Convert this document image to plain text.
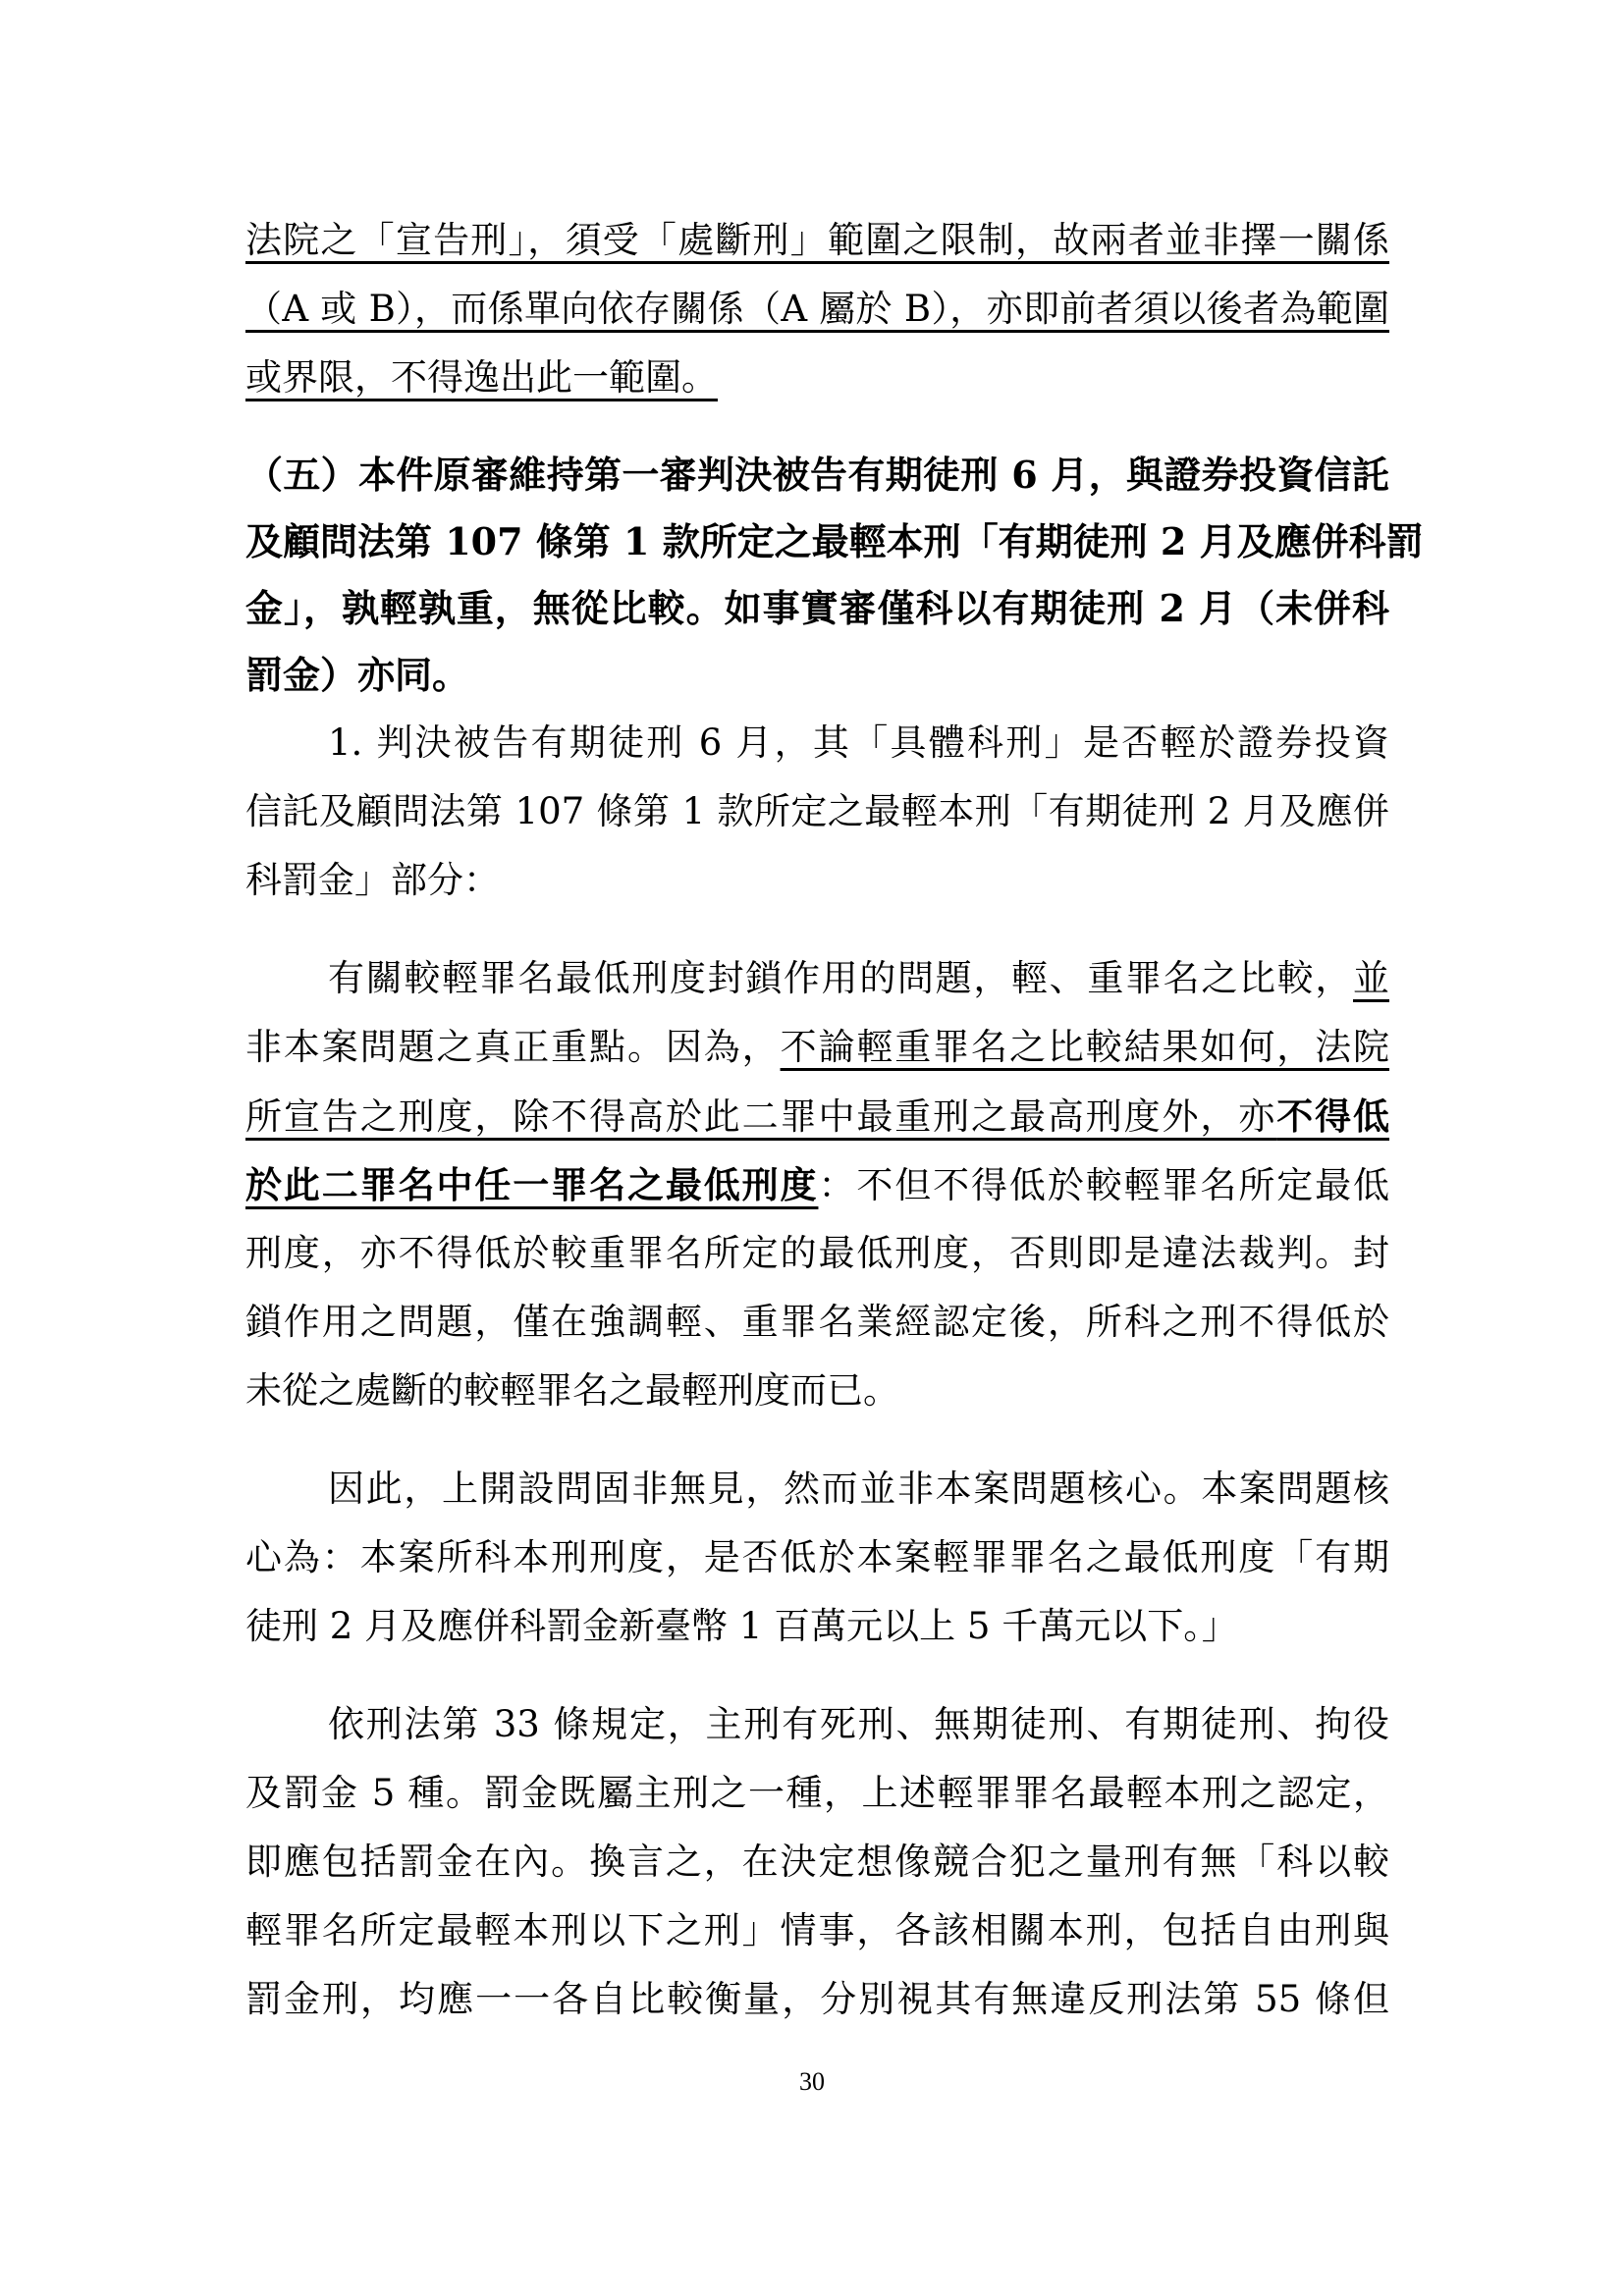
法院之「宣告刑」，須受「處斷刑」範圍之限制，故兩者並非擇一關係
（A 或 B），而係單向依存關係（A 屬於 B），亦即前者須以後者為範圍
或界限，不得逸出此一範圍。
（五）本件原審維持第一審判決被告有期徒刑 6 月，與證券投資信託
及顧問法第 107 條第 1 款所定之最輕本刑「有期徒刑 2 月及應併科罰
金」，孰輕孰重，無從比較。如事實審僅科以有期徒刑 2 月（未併科
罰金）亦同。
1. 判決被告有期徒刑 6 月，其「具體科刑」是否輕於證券投資
信託及顧問法第 107 條第 1 款所定之最輕本刑「有期徒刑 2 月及應併
科罰金」部分：
有關較輕罪名最低刑度封鎖作用的問題，輕、重罪名之比較，並
非本案問題之真正重點。因為，不論輕重罪名之比較結果如何，法院
所宣告之刑度，除不得高於此二罪中最重刑之最高刑度外，亦不得低
於此二罪名中任一罪名之最低刑度：不但不得低於較輕罪名所定最低
刑度，亦不得低於較重罪名所定的最低刑度，否則即是違法裁判。封
鎖作用之問題，僅在強調輕、重罪名業經認定後，所科之刑不得低於
未從之處斷的較輕罪名之最輕刑度而已。
因此，上開設問固非無見，然而並非本案問題核心。本案問題核
心為：本案所科本刑刑度，是否低於本案輕罪罪名之最低刑度「有期
徒刑 2 月及應併科罰金新臺幣 1 百萬元以上 5 千萬元以下。」
依刑法第 33 條規定，主刑有死刑、無期徒刑、有期徒刑、拘役
及罰金 5 種。罰金既屬主刑之一種，上述輕罪罪名最輕本刑之認定，
即應包括罰金在內。換言之，在決定想像競合犯之量刑有無「科以較
輕罪名所定最輕本刑以下之刑」情事，各該相關本刑，包括自由刑與
罰金刑，均應一一各自比較衡量，分別視其有無違反刑法第 55 條但
30
